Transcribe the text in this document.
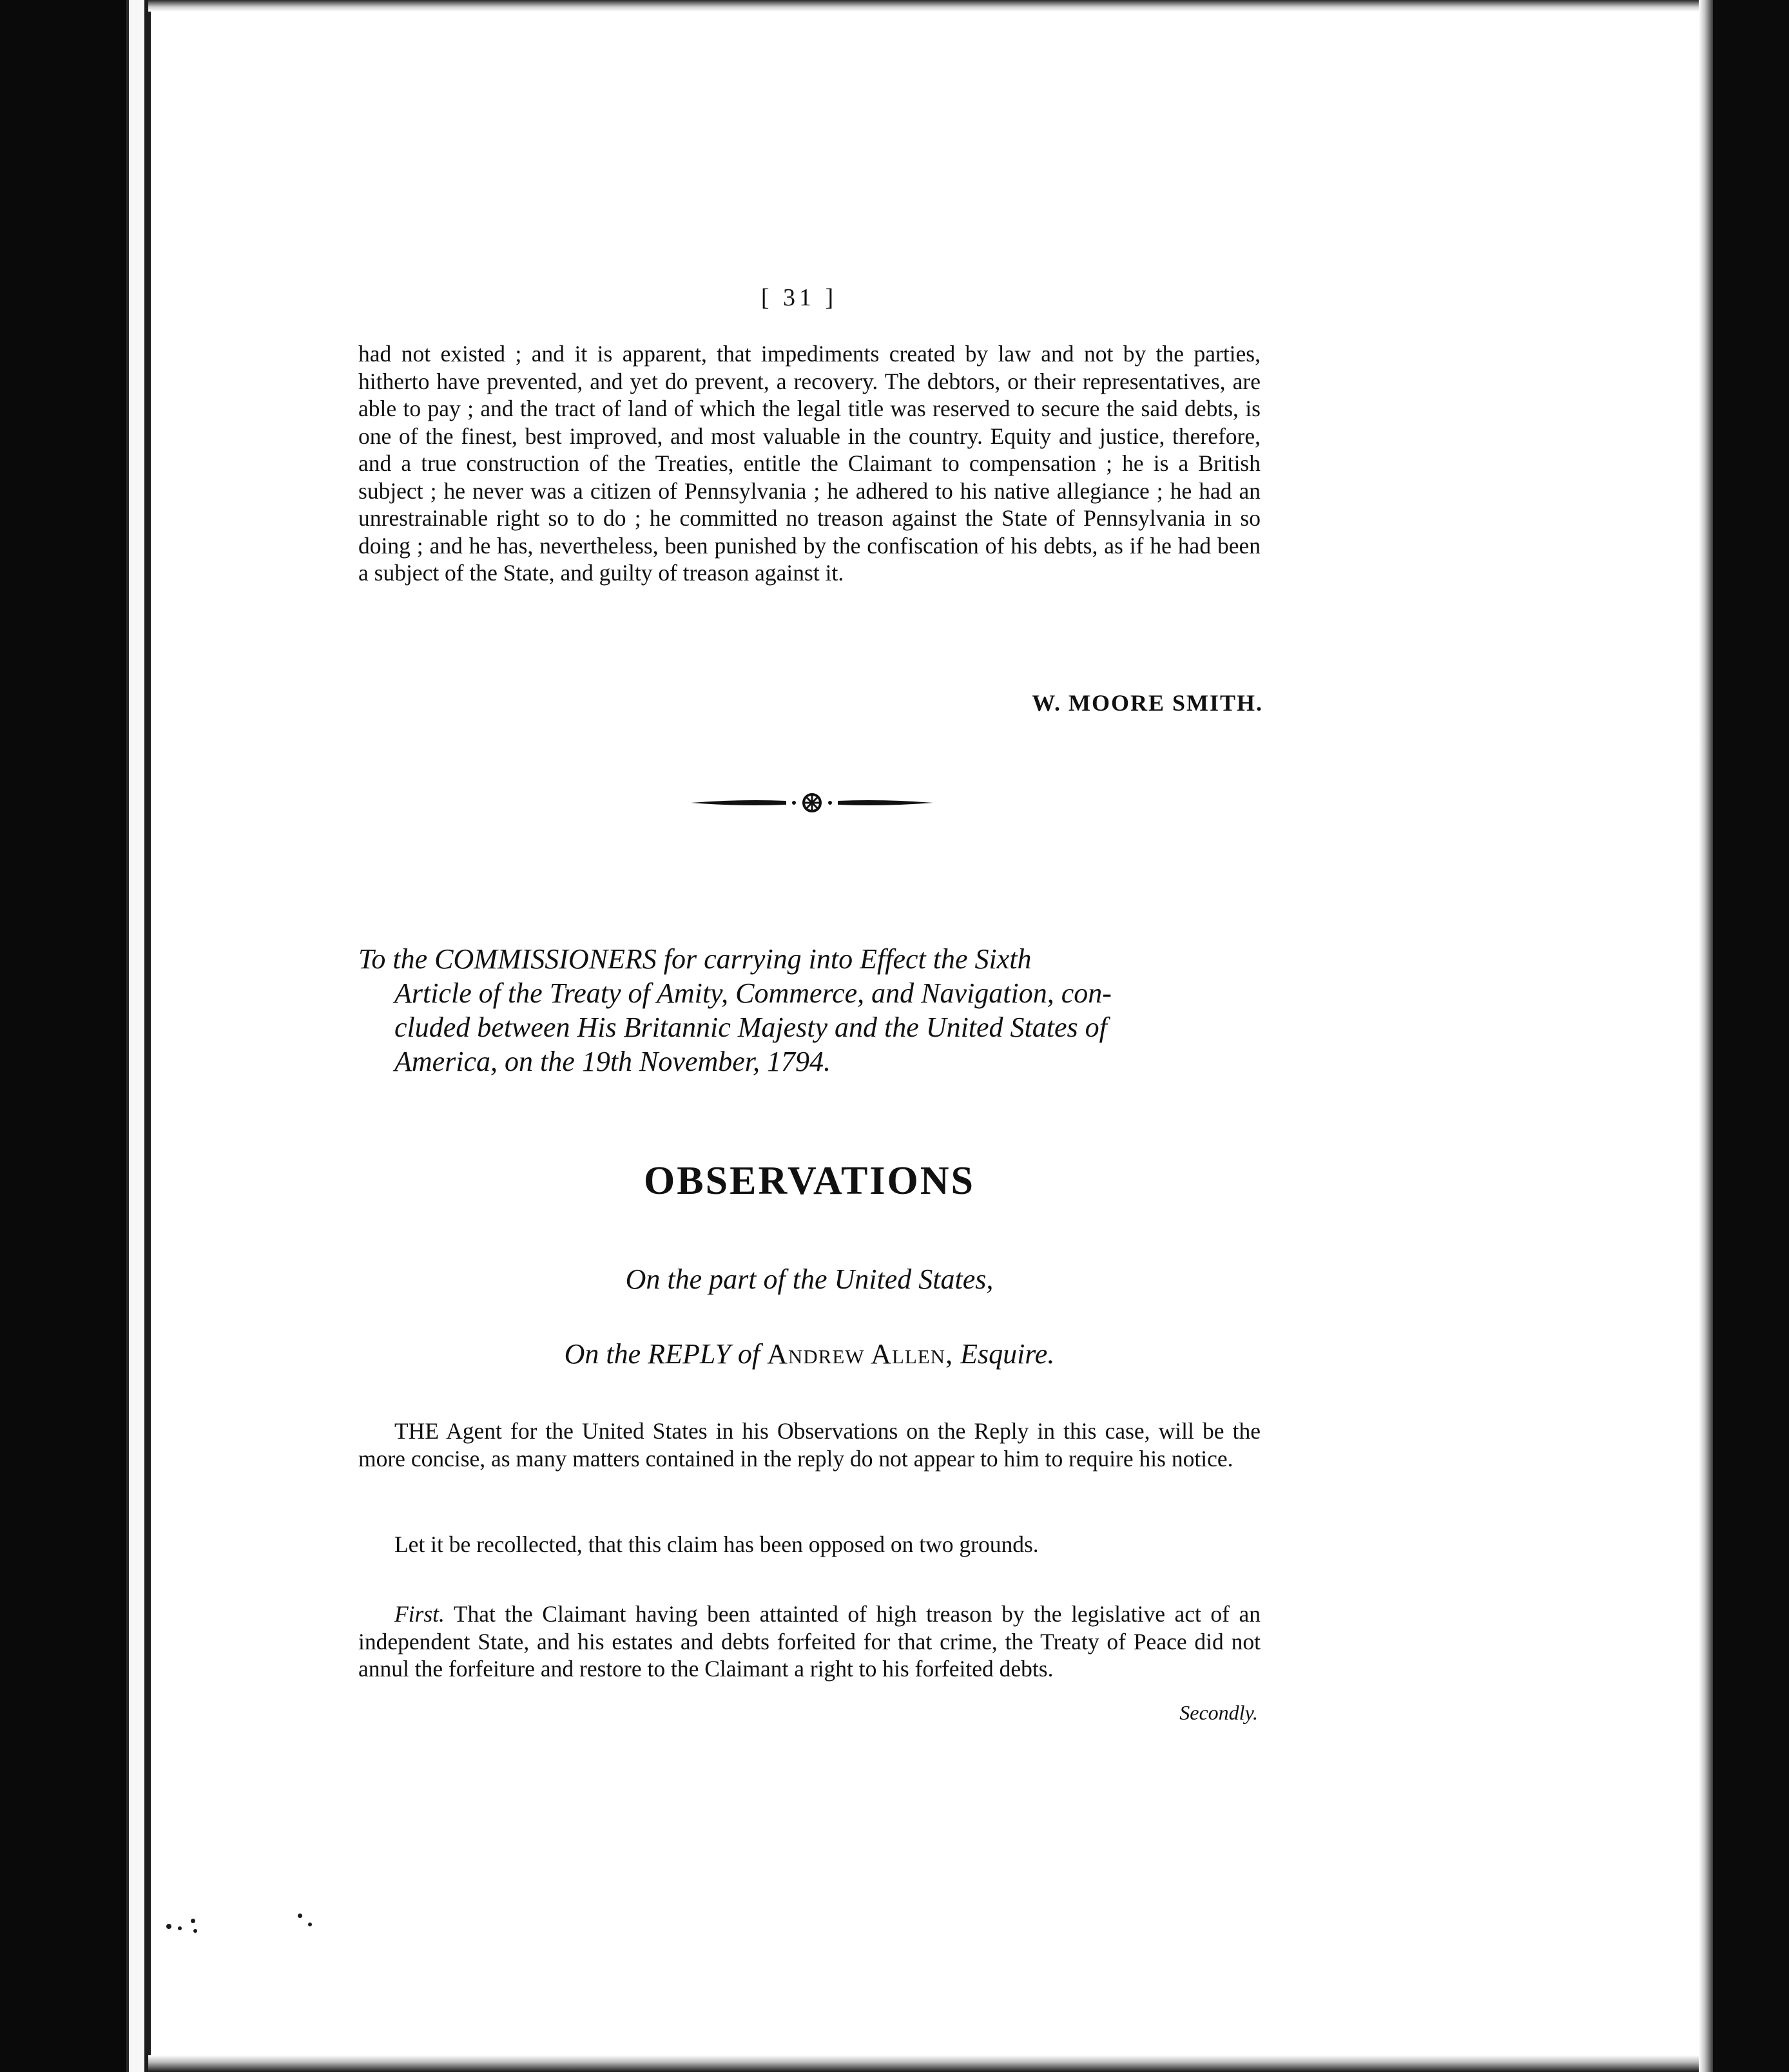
[ 31 ]

had not existed ; and it is apparent, that impediments created by law and not by the parties, hitherto have prevented, and yet do prevent, a recovery. The debtors, or their representatives, are able to pay ; and the tract of land of which the legal title was reserved to secure the said debts, is one of the finest, best improved, and most valuable in the country. Equity and justice, therefore, and a true construction of the Treaties, entitle the Claimant to compensation ; he is a British subject ; he never was a citizen of Pennsylvania ; he adhered to his native allegiance ; he had an unrestrainable right so to do ; he committed no treason against the State of Pennsylvania in so doing ; and he has, nevertheless, been punished by the confiscation of his debts, as if he had been a subject of the State, and guilty of treason against it.

W. MOORE SMITH.
To the COMMISSIONERS for carrying into Effect the Sixth
Article of the Treaty of Amity, Commerce, and Navigation, con-
cluded between His Britannic Majesty and the United States of
America, on the 19th November, 1794.
OBSERVATIONS
On the part of the United States,
On the REPLY of Andrew Allen, Esquire.

THE Agent for the United States in his Observations on the Reply in this case, will be the more concise, as many matters contained in the reply do not appear to him to require his notice.

Let it be recollected, that this claim has been opposed on two grounds.

First. That the Claimant having been attainted of high treason by the legislative act of an independent State, and his estates and debts forfeited for that crime, the Treaty of Peace did not annul the forfeiture and restore to the Claimant a right to his forfeited debts.

Secondly.
